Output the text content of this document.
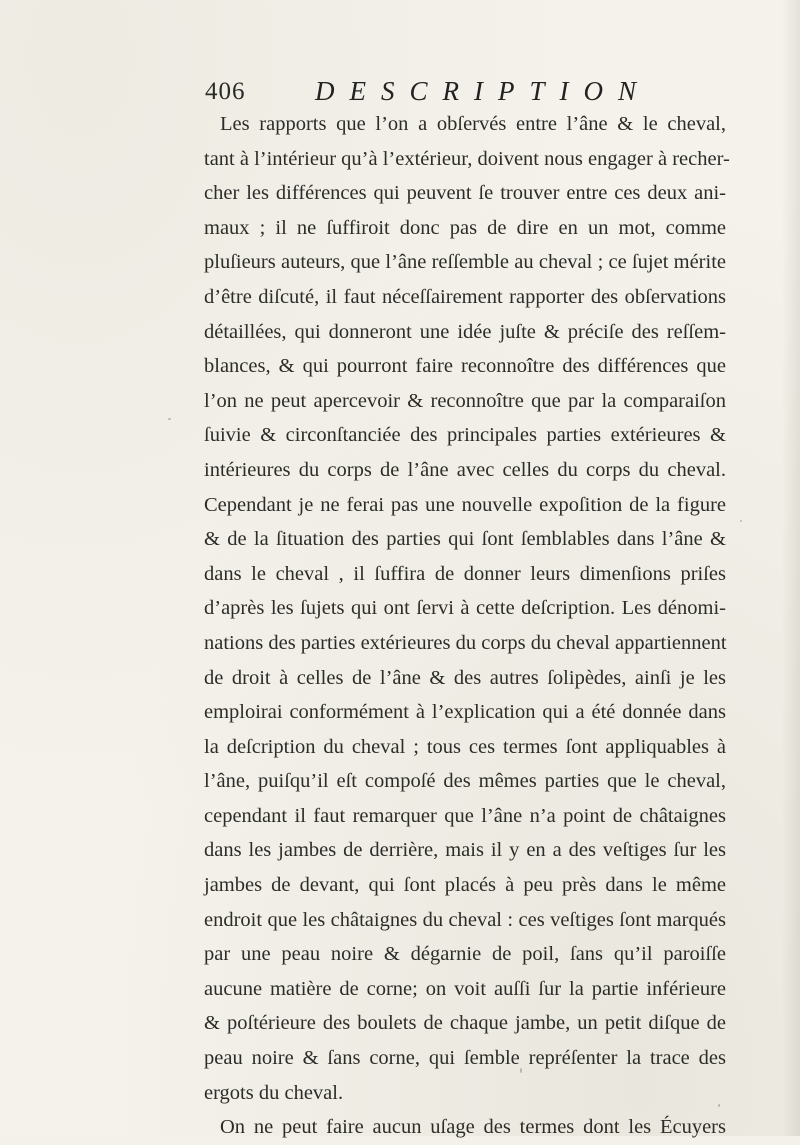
406	DESCRIPTION
Les rapports que l’on a obſervés entre l’âne & le cheval,
tant à l’intérieur qu’à l’extérieur, doivent nous engager à recher-
cher les différences qui peuvent ſe trouver entre ces deux ani-
maux ; il ne ſuffiroit donc pas de dire en un mot, comme
pluſieurs auteurs, que l’âne reſſemble au cheval ; ce ſujet mérite
d’être diſcuté, il faut néceſſairement rapporter des obſervations
détaillées, qui donneront une idée juſte & préciſe des reſſem-
blances, & qui pourront faire reconnoître des différences que
l’on ne peut apercevoir & reconnoître que par la comparaiſon
ſuivie & circonſtanciée des principales parties extérieures &
intérieures du corps de l’âne avec celles du corps du cheval.
Cependant je ne ferai pas une nouvelle expoſition de la figure
& de la ſituation des parties qui ſont ſemblables dans l’âne &
dans le cheval , il ſuffira de donner leurs dimenſions priſes
d’après les ſujets qui ont ſervi à cette deſcription. Les dénomi-
nations des parties extérieures du corps du cheval appartiennent
de droit à celles de l’âne & des autres ſolipèdes, ainſi je les
emploirai conformément à l’explication qui a été donnée dans
la deſcription du cheval ; tous ces termes ſont appliquables à
l’âne, puiſqu’il eſt compoſé des mêmes parties que le cheval,
cependant il faut remarquer que l’âne n’a point de châtaignes
dans les jambes de derrière, mais il y en a des veſtiges ſur les
jambes de devant, qui ſont placés à peu près dans le même
endroit que les châtaignes du cheval : ces veſtiges ſont marqués
par une peau noire & dégarnie de poil, ſans qu’il paroiſſe
aucune matière de corne; on voit auſſi ſur la partie inférieure
& poſtérieure des boulets de chaque jambe, un petit diſque de
peau noire & ſans corne, qui ſemble repréſenter la trace des
ergots du cheval.
On ne peut faire aucun uſage des termes dont les Écuyers
